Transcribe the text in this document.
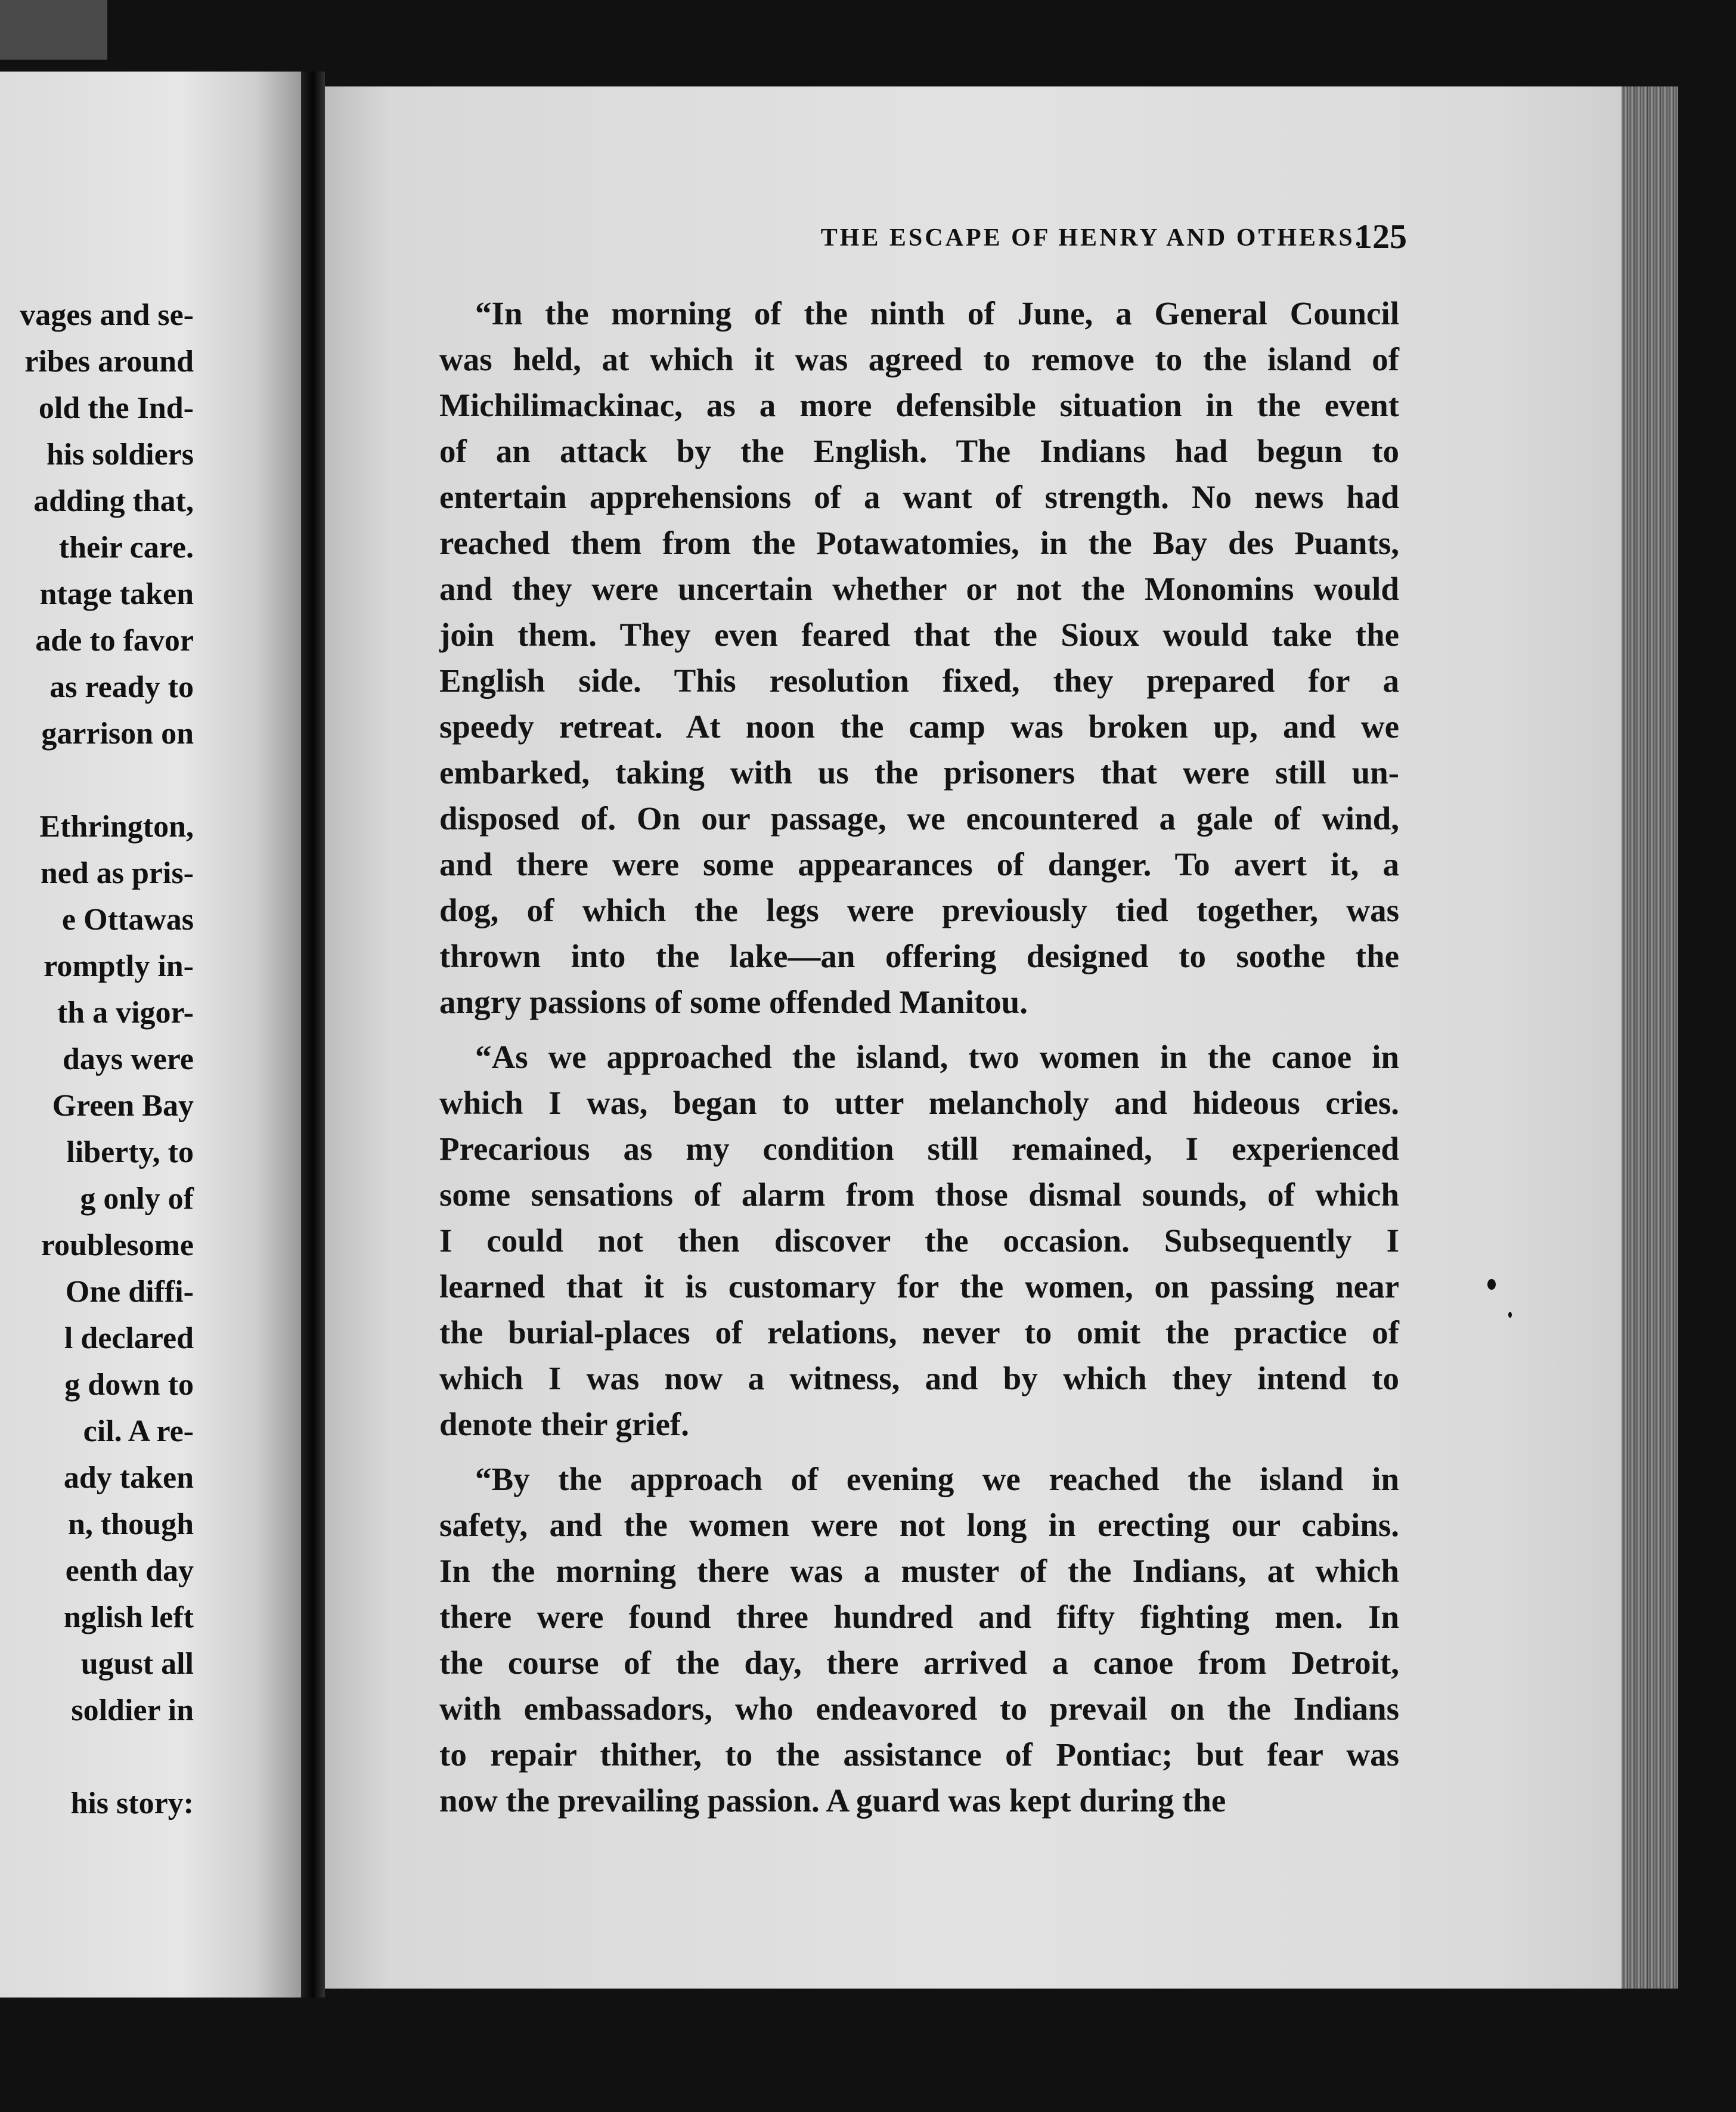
vages and se-
ribes around
old the Ind-
his soldiers
adding that,
their care.
ntage taken
ade to favor
as ready to
garrison on
Ethrington,
ned as pris-
e Ottawas
romptly in-
th a vigor-
days were
Green Bay
liberty, to
g only of
roublesome
One diffi-
l declared
g down to
cil. A re-
ady taken
n, though
eenth day
nglish left
ugust all
soldier in
his story:
THE ESCAPE OF HENRY AND OTHERS.
125
“In the morning of the ninth of June, a General Council
was held, at which it was agreed to remove to the island of
Michilimackinac, as a more defensible situation in the event
of an attack by the English. The Indians had begun to
entertain apprehensions of a want of strength. No news had
reached them from the Potawatomies, in the Bay des Puants,
and they were uncertain whether or not the Monomins would
join them. They even feared that the Sioux would take the
English side. This resolution fixed, they prepared for a
speedy retreat. At noon the camp was broken up, and we
embarked, taking with us the prisoners that were still un-
disposed of. On our passage, we encountered a gale of wind,
and there were some appearances of danger. To avert it, a
dog, of which the legs were previously tied together, was
thrown into the lake—an offering designed to soothe the
angry passions of some offended Manitou.
“As we approached the island, two women in the canoe in
which I was, began to utter melancholy and hideous cries.
Precarious as my condition still remained, I experienced
some sensations of alarm from those dismal sounds, of which
I could not then discover the occasion. Subsequently I
learned that it is customary for the women, on passing near
the burial-places of relations, never to omit the practice of
which I was now a witness, and by which they intend to
denote their grief.
“By the approach of evening we reached the island in
safety, and the women were not long in erecting our cabins.
In the morning there was a muster of the Indians, at which
there were found three hundred and fifty fighting men. In
the course of the day, there arrived a canoe from Detroit,
with embassadors, who endeavored to prevail on the Indians
to repair thither, to the assistance of Pontiac; but fear was
now the prevailing passion. A guard was kept during the
